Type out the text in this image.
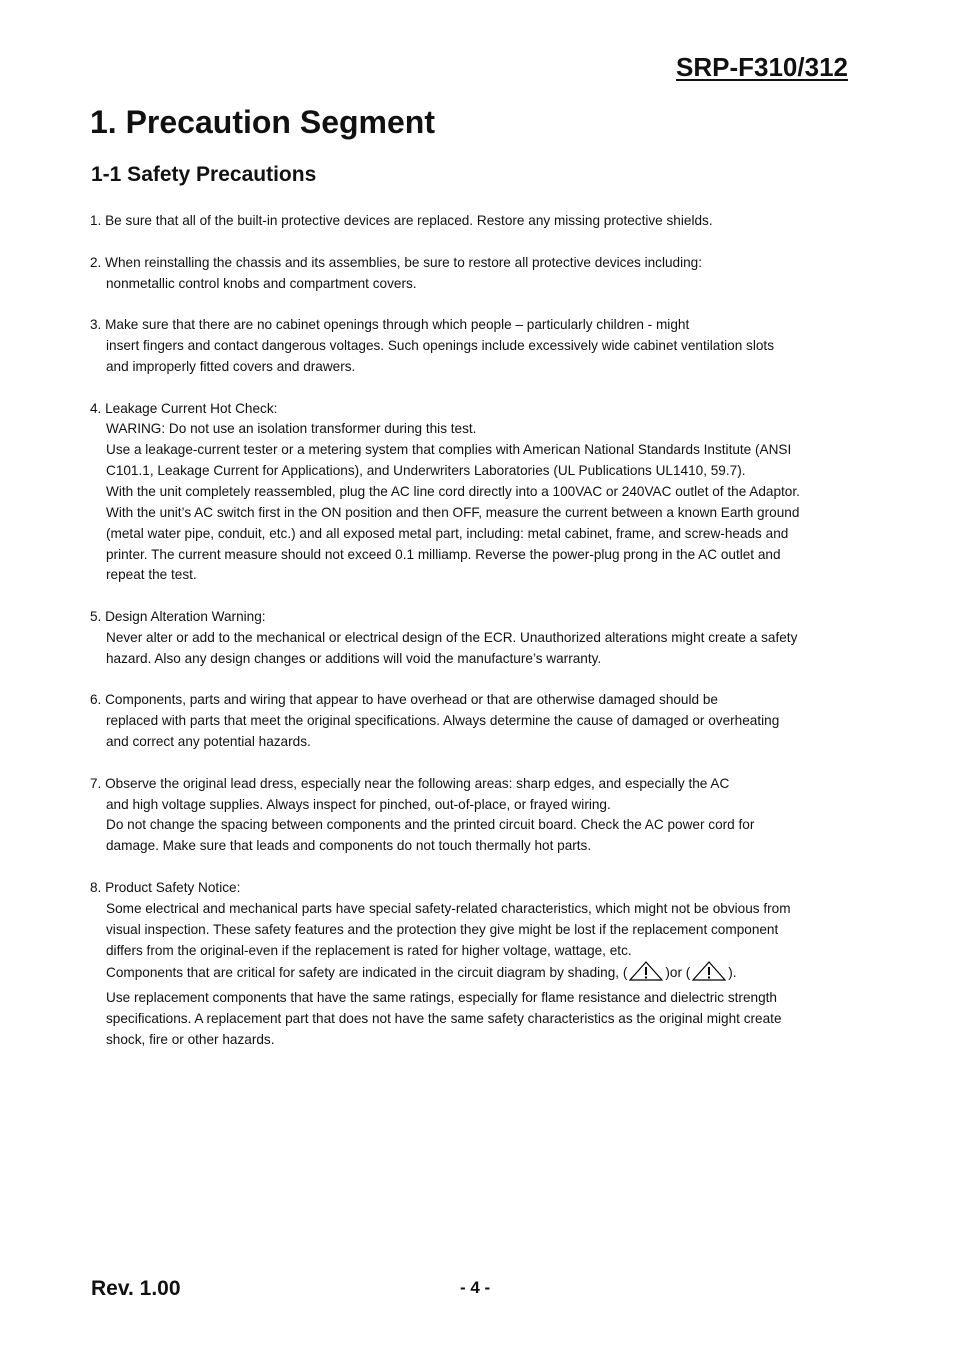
SRP-F310/312
1. Precaution Segment
1-1 Safety Precautions

1. Be sure that all of the built-in protective devices are replaced. Restore any missing protective shields.

2. When reinstalling the chassis and its assemblies, be sure to restore all protective devices including:

nonmetallic control knobs and compartment covers.

3. Make sure that there are no cabinet openings through which people – particularly children - might

insert fingers and contact dangerous voltages. Such openings include excessively wide cabinet ventilation slots and improperly fitted covers and drawers.

4. Leakage Current Hot Check:

WARING: Do not use an isolation transformer during this test.

Use a leakage-current tester or a metering system that complies with American National Standards Institute (ANSI C101.1, Leakage Current for Applications), and Underwriters Laboratories (UL Publications UL1410, 59.7).

With the unit completely reassembled, plug the AC line cord directly into a 100VAC or 240VAC outlet of the Adaptor.

With the unit’s AC switch first in the ON position and then OFF, measure the current between a known Earth ground (metal water pipe, conduit, etc.) and all exposed metal part, including: metal cabinet, frame, and screw-heads and printer. The current measure should not exceed 0.1 milliamp. Reverse the power-plug prong in the AC outlet and repeat the test.

5. Design Alteration Warning:

Never alter or add to the mechanical or electrical design of the ECR. Unauthorized alterations might create a safety hazard. Also any design changes or additions will void the manufacture’s warranty.

6. Components, parts and wiring that appear to have overhead or that are otherwise damaged should be

replaced with parts that meet the original specifications. Always determine the cause of damaged or overheating and correct any potential hazards.

7. Observe the original lead dress, especially near the following areas: sharp edges, and especially the AC

and high voltage supplies. Always inspect for pinched, out-of-place, or frayed wiring.

Do not change the spacing between components and the printed circuit board. Check the AC power cord for damage. Make sure that leads and components do not touch thermally hot parts.

8. Product Safety Notice:

Some electrical and mechanical parts have special safety-related characteristics, which might not be obvious from visual inspection. These safety features and the protection they give might be lost if the replacement component differs from the original-even if the replacement is rated for higher voltage, wattage, etc.

Components that are critical for safety are indicated in the circuit diagram by shading, (	)or (	).

Use replacement components that have the same ratings, especially for flame resistance and dielectric strength specifications. A replacement part that does not have the same safety characteristics as the original might create shock, fire or other hazards.

Rev. 1.00	- 4 -
